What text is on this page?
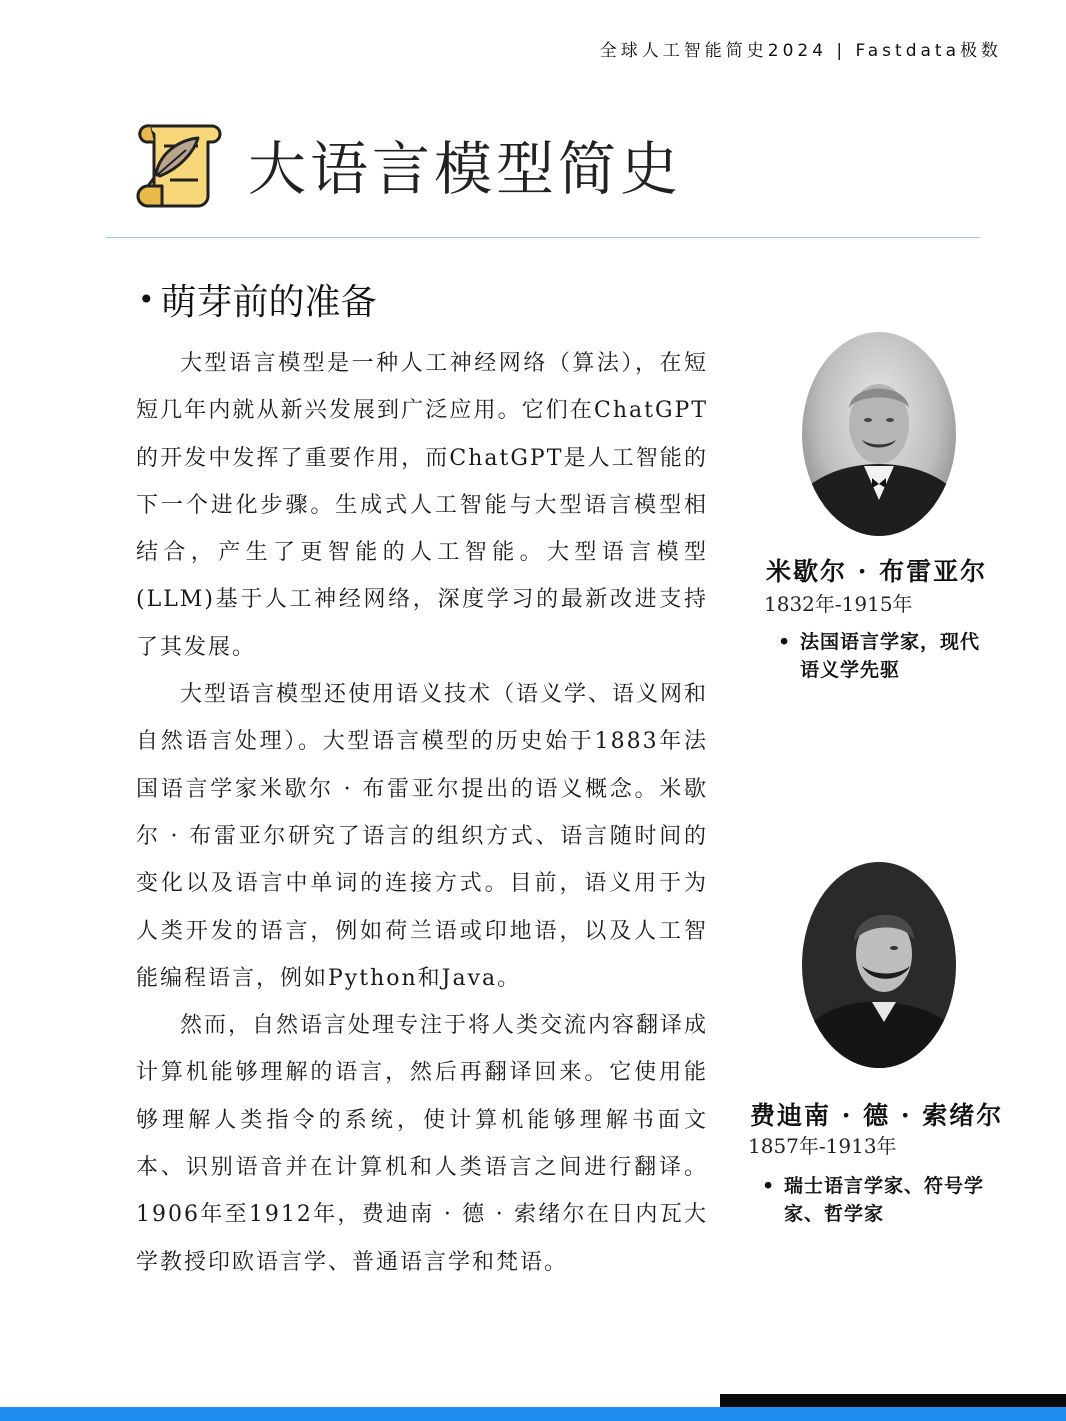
全球人工智能简史2024 | Fastdata极数
大语言模型简史
• 萌芽前的准备

大型语言模型是一种人工神经网络（算法），在短短几年内就从新兴发展到广泛应用。它们在ChatGPT的开发中发挥了重要作用，而ChatGPT是人工智能的下一个进化步骤。生成式人工智能与大型语言模型相结合，产生了更智能的人工智能。大型语言模型(LLM)基于人工神经网络，深度学习的最新改进支持了其发展。

大型语言模型还使用语义技术（语义学、语义网和自然语言处理）。大型语言模型的历史始于1883年法国语言学家米歇尔 · 布雷亚尔提出的语义概念。米歇尔 · 布雷亚尔研究了语言的组织方式、语言随时间的变化以及语言中单词的连接方式。目前，语义用于为人类开发的语言，例如荷兰语或印地语，以及人工智能编程语言，例如Python和Java。

然而，自然语言处理专注于将人类交流内容翻译成计算机能够理解的语言，然后再翻译回来。它使用能够理解人类指令的系统，使计算机能够理解书面文本、识别语音并在计算机和人类语言之间进行翻译。1906年至1912年，费迪南 · 德 · 索绪尔在日内瓦大学教授印欧语言学、普通语言学和梵语。

米歇尔 · 布雷亚尔
1832年-1915年
• 法国语言学家，现代语义学先驱
费迪南 · 德 · 索绪尔
1857年-1913年
• 瑞士语言学家、符号学家、哲学家
